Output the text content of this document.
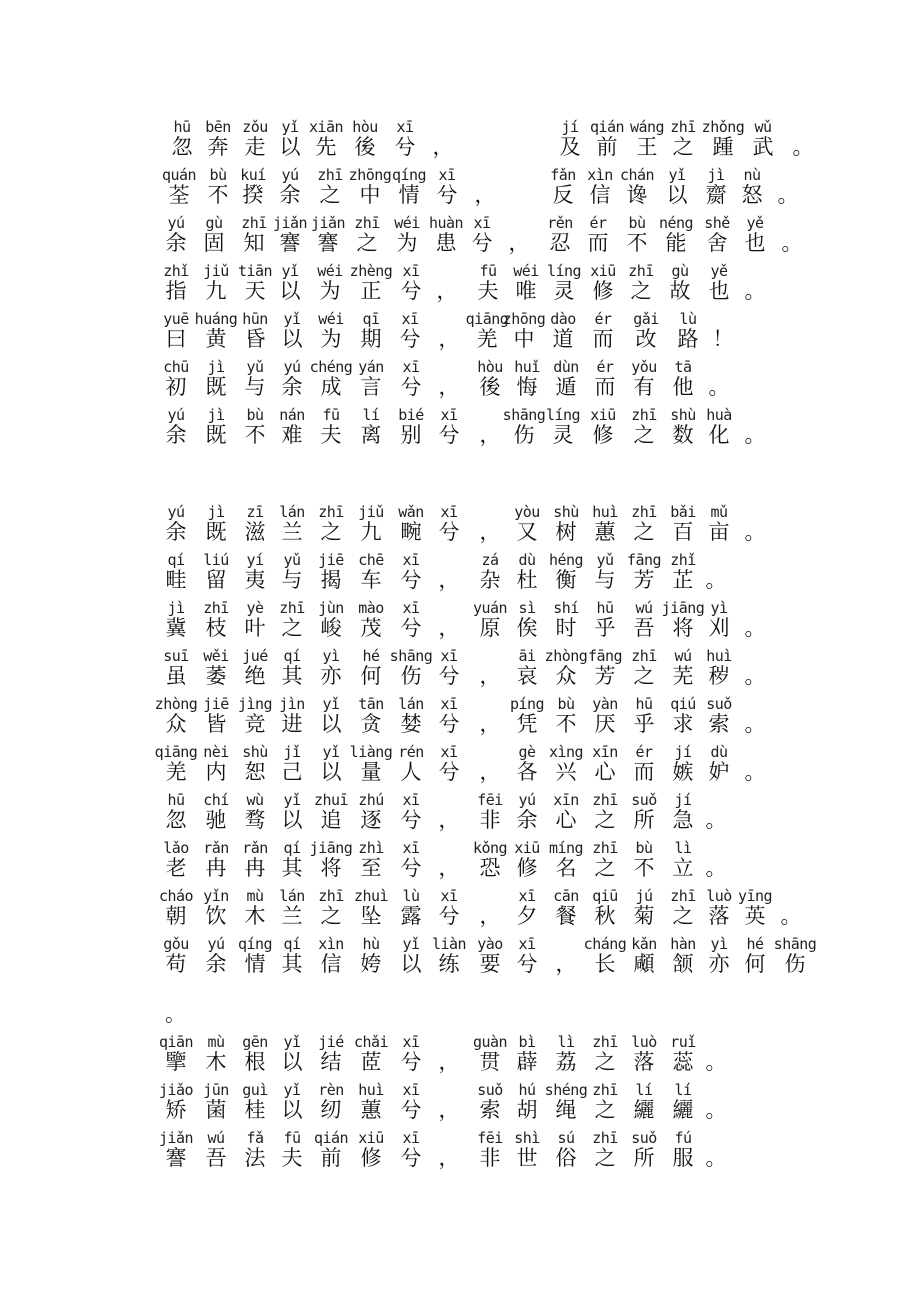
hū
忽
bēn
奔
zǒu
走
yǐ
以
xiān
先
hòu
後
xī
兮 ，
jí
及
qián
前
wáng
王
zhī
之
zhǒng
踵
wǔ
武 。
quán
荃
bù
不
kuí
揆
yú
余
zhī
之
zhōng
中
qíng
情
xī
兮 ，
fǎn
反
xìn
信
chán
谗
yǐ
以
jì
齌
nù
怒 。
yú
余
gù
固
zhī
知
jiǎn
謇
jiǎn
謇
zhī
之
wéi
为
huàn
患
xī
兮 ，
rěn
忍
ér
而
bù
不
néng
能
shě
舍
yě
也 。
zhǐ
指
jiǔ
九
tiān
天
yǐ
以
wéi
为
zhèng
正
xī
兮 ，
fū
夫
wéi
唯
líng
灵
xiū
修
zhī
之
gù
故
yě
也 。
yuē
曰
huáng
黄
hūn
昏
yǐ
以
wéi
为
qī
期
xī
兮 ，
qiāng
羌
zhōng
中
dào
道
ér
而
gǎi
改
lù
路 ！
chū
初
jì
既
yǔ
与
yú
余
chéng
成
yán
言
xī
兮 ，
hòu
後
huǐ
悔
dùn
遁
ér
而
yǒu
有
tā
他 。
yú
余
jì
既
bù
不
nán
难
fū
夫
lí
离
bié
别
xī
兮 ，
shāng
伤
líng
灵
xiū
修
zhī
之
shù
数
huà
化 。
yú
余
jì
既
zī
滋
lán
兰
zhī
之
jiǔ
九
wǎn
畹
xī
兮 ，
yòu
又
shù
树
huì
蕙
zhī
之
bǎi
百
mǔ
亩 。
qí
畦
liú
留
yí
夷
yǔ
与
jiē
揭
chē
车
xī
兮 ，
zá
杂
dù
杜
héng
衡
yǔ
与
fāng
芳
zhǐ
芷 。
jì
冀
zhī
枝
yè
叶
zhī
之
jùn
峻
mào
茂
xī
兮 ，
yuán
原
sì
俟
shí
时
hū
乎
wú
吾
jiāng
将
yì
刈 。
suī
虽
wěi
萎
jué
绝
qí
其
yì
亦
hé
何
shāng
伤
xī
兮 ，
āi
哀
zhòng
众
fāng
芳
zhī
之
wú
芜
huì
秽 。
zhòng
众
jiē
皆
jìng
竞
jìn
进
yǐ
以
tān
贪
lán
婪
xī
兮 ，
píng
凭
bù
不
yàn
厌
hū
乎
qiú
求
suǒ
索 。
qiāng
羌
nèi
内
shù
恕
jǐ
己
yǐ
以
liàng
量
rén
人
xī
兮 ，
gè
各
xìng
兴
xīn
心
ér
而
jí
嫉
dù
妒 。
hū
忽
chí
驰
wù
骛
yǐ
以
zhuī
追
zhú
逐
xī
兮 ，
fēi
非
yú
余
xīn
心
zhī
之
suǒ
所
jí
急 。
lǎo
老
rǎn
冉
rǎn
冉
qí
其
jiāng
将
zhì
至
xī
兮 ，
kǒng
恐
xiū
修
míng
名
zhī
之
bù
不
lì
立 。
cháo
朝
yǐn
饮
mù
木
lán
兰
zhī
之
zhuì
坠
lù
露
xī
兮 ，
xī
夕
cān
餐
qiū
秋
jú
菊
zhī
之
luò
落
yīng
英 。
gǒu
苟
yú
余
qíng
情
qí
其
xìn
信
hù
姱
yǐ
以
liàn
练
yào
要
xī
兮 ，
cháng
长
kǎn
顑
hàn
颔
yì
亦
hé
何
shāng
伤
qiān
擥
mù
木
gēn
根
yǐ
以
jié
结
chǎi
茝
xī
兮 ，
guàn
贯
bì
薜
lì
荔
zhī
之
luò
落
ruǐ
蕊 。
jiǎo
矫
jūn
菌
guì
桂
yǐ
以
rèn
纫
huì
蕙
xī
兮 ，
suǒ
索
hú
胡
shéng
绳
zhī
之
lí
纚
lí
纚 。
jiǎn
謇
wú
吾
fǎ
法
fū
夫
qián
前
xiū
修
xī
兮 ，
fēi
非
shì
世
sú
俗
zhī
之
suǒ
所
fú
服 。
。
